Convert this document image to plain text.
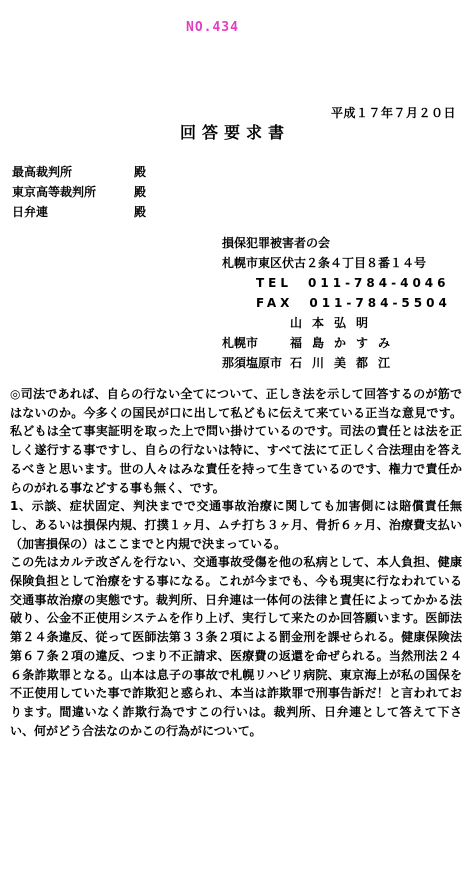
NO.434
平成１７年７月２０日
回答要求書
最高裁判所	殿
東京高等裁判所	殿
日弁連	殿
損保犯罪被害者の会
札幌市東区伏古２条４丁目８番１４号
TEL　011-784-4046
FAX　011-784-5504
山本弘明
札幌市	福島かすみ
那須塩原市 石川美都江

◎司法であれば、自らの行ない全てについて、正しき法を示して回答するのが筋ではないのか。今多くの国民が口に出して私どもに伝えて来ている正当な意見です。私どもは全て事実証明を取った上で問い掛けているのです。司法の責任とは法を正しく遂行する事ですし、自らの行ないは特に、すべて法にて正しく合法理由を答えるべきと思います。世の人々はみな責任を持って生きているのです、権力で責任からのがれる事などする事も無く、です。

1、示談、症状固定、判決までで交通事故治療に関しても加害側には賠償責任無し、あるいは損保内規、打撲１ヶ月、ムチ打ち３ヶ月、骨折６ヶ月、治療費支払い（加害損保の）はここまでと内規で決まっている。

この先はカルテ改ざんを行ない、交通事故受傷を他の私病として、本人負担、健康保険負担として治療をする事になる。これが今までも、今も現実に行なわれている交通事故治療の実態です。裁判所、日弁連は一体何の法律と責任によってかかる法破り、公金不正使用システムを作り上げ、実行して来たのか回答願います。医師法第２４条違反、従って医師法第３３条２項による罰金刑を課せられる。健康保険法第６７条２項の違反、つまり不正請求、医療費の返還を命ぜられる。当然刑法２４６条詐欺罪となる。山本は息子の事故で札幌リハビリ病院、東京海上が私の国保を不正使用していた事で詐欺犯と惑られ、本当は詐欺罪で刑事告訴だ！と言われております。間違いなく詐欺行為ですこの行いは。裁判所、日弁連として答えて下さい、何がどう合法なのかこの行為がについて。
